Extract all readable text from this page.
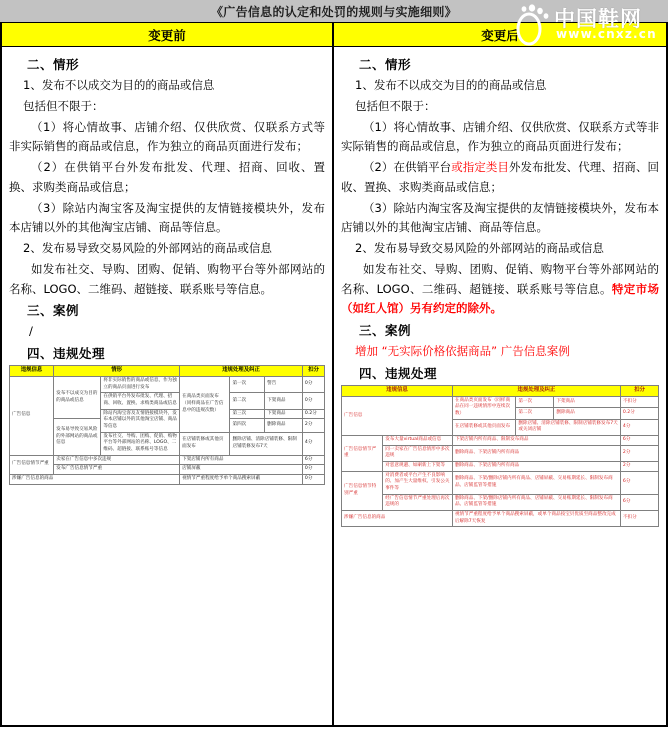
《广告信息的认定和处罚的规则与实施细则》	中国鞋网
www.cnxz.cn
变更前
二、情形

1、发布不以成交为目的的商品或信息

包括但不限于：

（1）将心情故事、店铺介绍、仅供欣赏、仅联系方式等非实际销售的商品或信息，作为独立的商品页面进行发布；

（2）在供销平台外发布批发、代理、招商、回收、置换、求购类商品或信息；

（3）除站内淘宝客及淘宝提供的友情链接模块外，发布本店铺以外的其他淘宝店铺、商品等信息。

2、发布易导致交易风险的外部网站的商品或信息

如发布社交、导购、团购、促销、购物平台等外部网站的名称、LOGO、二维码、超链接、联系账号等信息。

三、案例
/
四、违规处理
违规信息	情形		违规处理及纠正			扣分
广告信息	发布不以成交为目的的商品或信息	将非实际销售的商品或信息，作为独立的商品页面进行发布	在商品类页面发布（同样商品在广告信息中的违规次数）	第一次	警告	0分
		在供销平台外发布批发、代理、招商、回收、置换、求购类商品或信息		第二次	下架商品	0分
		除站内淘宝客及友情链接模块外，发布本店铺以外的其他淘宝店铺、商品等信息		第三次	下架商品	0.2分
	发布易导致交易风险的外部网站的商品或信息			第四次	删除商品	2分
		发布社交、导购、团购、促销、购物平台等外部网站的名称、LOGO、二维码、超链接、联系账号等信息	在店铺装修或其他页面发布	删除店铺、清除店铺装修、限制店铺装修发布7天		4分

广告信息情节严重	卖家在广告信息中多次违规		下架店铺内所有商品			6分
	发布广告信息情节严重		店铺屏蔽			0分
涉嫌广告信息的商品			视情节严重程度给予单个商品搜索屏蔽			0分
变更后
二、情形

1、发布不以成交为目的的商品或信息

包括但不限于：

（1）将心情故事、店铺介绍、仅供欣赏、仅联系方式等非实际销售的商品或信息，作为独立的商品页面进行发布；

（2）在供销平台或指定类目外发布批发、代理、招商、回收、置换、求购类商品或信息；

（3）除站内淘宝客及淘宝提供的友情链接模块外，发布本店铺以外的其他淘宝店铺、商品等信息。

2、发布易导致交易风险的外部网站的商品或信息

如发布社交、导购、团购、促销、购物平台等外部网站的名称、LOGO、二维码、超链接、联系账号等信息。特定市场（如红人馆）另有约定的除外。

三、案例

增加 “无实际价格依据商品” 广告信息案例

四、违规处理
违规信息		违规处理及纠正			扣分
广告信息		在商品类页面发布（同样商品在同一违规情形中连续次数）	第一次	下架商品	不扣分
			第二次	删除商品	0.2分
		在店铺装修或其他页面发布	删除店铺、清除店铺装修、限制店铺装修发布7天或关闭店铺		4分
广告信息情节严重	发布大量virtual商品或信息	下架店铺内所有商品、限制发布商品			6分
	同一卖家在广告信息情形中多次违规	删除商品、下架店铺内所有商品			2分
	对恶意规避、如刷新上下架等	删除商品、下架店铺内所有商品			2分
广告信息情节特别严重	对消费者或平台产生不良影响的、加产生大量维权、引发公关事件等	删除商品、下架/删除店铺内所有商品、店铺屏蔽、交易账期延长、限制发布商品、店铺监管等措施			6分
	经广告信息情节严重处理后再次违规的	删除商品、下架/删除店铺内所有商品、店铺屏蔽、交易账期延长、限制发布商品、店铺监管等措施			6分
涉嫌广告信息的商品		视情节严重程度给予单个商品搜索屏蔽，或单个商品按宝贝优质至商品整改完成后解除7天恢复			不扣分
